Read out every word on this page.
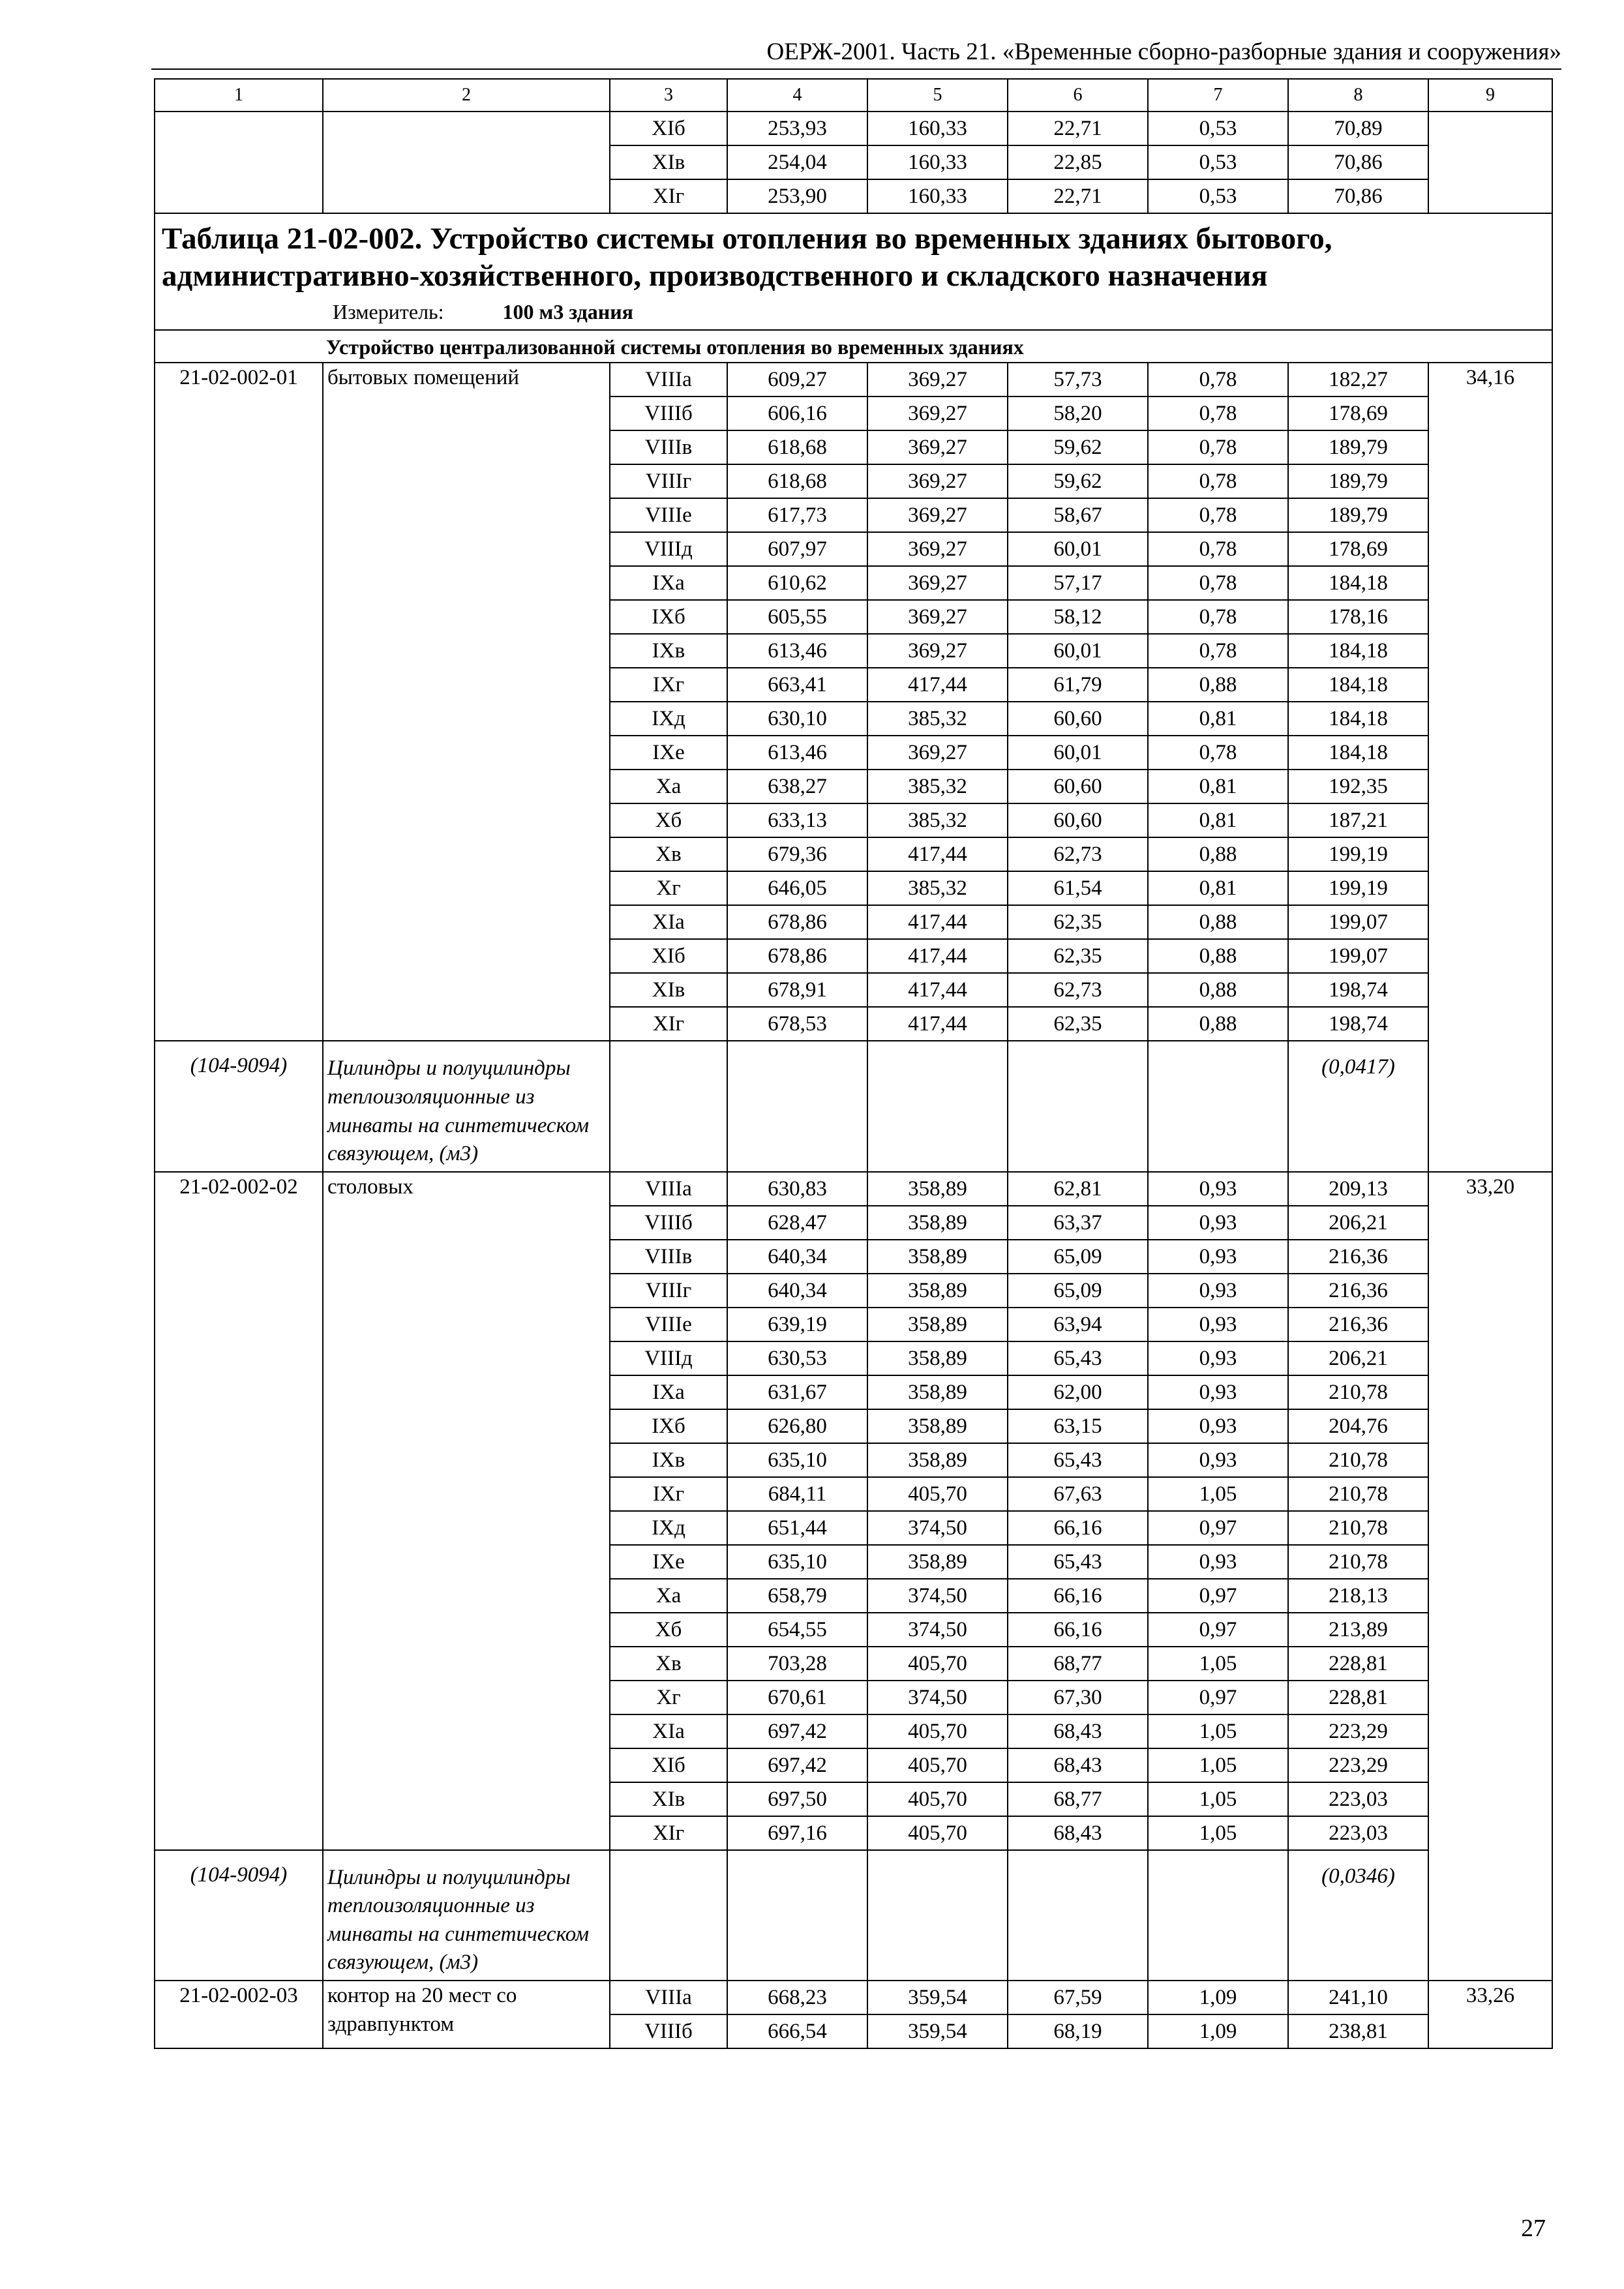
ОЕРЖ-2001. Часть 21. «Временные сборно-разборные здания и сооружения»
1	2	3	4	5	6	7	8	9
		XIб	253,93	160,33	22,71	0,53	70,89	
		XIв	254,04	160,33	22,85	0,53	70,86	
		XIг	253,90	160,33	22,71	0,53	70,86	

Таблица 21-02-002. Устройство системы отопления во временных зданиях бытового, административно-хозяйственного, производственного и складского назначения
Измеритель: 100 м3 здания								

Устройство централизованной системы отопления во временных зданиях								
21-02-002-01	бытовых помещений	VIIIа	609,27	369,27	57,73	0,78	182,27	34,16
		VIIIб	606,16	369,27	58,20	0,78	178,69	
		VIIIв	618,68	369,27	59,62	0,78	189,79	
		VIIIг	618,68	369,27	59,62	0,78	189,79	
		VIIIе	617,73	369,27	58,67	0,78	189,79	
		VIIIд	607,97	369,27	60,01	0,78	178,69	
		IXа	610,62	369,27	57,17	0,78	184,18	
		IXб	605,55	369,27	58,12	0,78	178,16	
		IXв	613,46	369,27	60,01	0,78	184,18	
		IXг	663,41	417,44	61,79	0,88	184,18	
		IXд	630,10	385,32	60,60	0,81	184,18	
		IXе	613,46	369,27	60,01	0,78	184,18	
		Xа	638,27	385,32	60,60	0,81	192,35	
		Xб	633,13	385,32	60,60	0,81	187,21	
		Xв	679,36	417,44	62,73	0,88	199,19	
		Xг	646,05	385,32	61,54	0,81	199,19	
		XIа	678,86	417,44	62,35	0,88	199,07	
		XIб	678,86	417,44	62,35	0,88	199,07	
		XIв	678,91	417,44	62,73	0,88	198,74	
		XIг	678,53	417,44	62,35	0,88	198,74	
(104-9094)	Цилиндры и полуцилиндры теплоизоляционные из минваты на синтетическом связующем, (м3)						(0,0417)	
21-02-002-02	столовых	VIIIа	630,83	358,89	62,81	0,93	209,13	33,20
		VIIIб	628,47	358,89	63,37	0,93	206,21	
		VIIIв	640,34	358,89	65,09	0,93	216,36	
		VIIIг	640,34	358,89	65,09	0,93	216,36	
		VIIIе	639,19	358,89	63,94	0,93	216,36	
		VIIIд	630,53	358,89	65,43	0,93	206,21	
		IXа	631,67	358,89	62,00	0,93	210,78	
		IXб	626,80	358,89	63,15	0,93	204,76	
		IXв	635,10	358,89	65,43	0,93	210,78	
		IXг	684,11	405,70	67,63	1,05	210,78	
		IXд	651,44	374,50	66,16	0,97	210,78	
		IXе	635,10	358,89	65,43	0,93	210,78	
		Xа	658,79	374,50	66,16	0,97	218,13	
		Xб	654,55	374,50	66,16	0,97	213,89	
		Xв	703,28	405,70	68,77	1,05	228,81	
		Xг	670,61	374,50	67,30	0,97	228,81	
		XIа	697,42	405,70	68,43	1,05	223,29	
		XIб	697,42	405,70	68,43	1,05	223,29	
		XIв	697,50	405,70	68,77	1,05	223,03	
		XIг	697,16	405,70	68,43	1,05	223,03	
(104-9094)	Цилиндры и полуцилиндры теплоизоляционные из минваты на синтетическом связующем, (м3)						(0,0346)	
21-02-002-03	контор на 20 мест со здравпунктом	VIIIа	668,23	359,54	67,59	1,09	241,10	33,26
		VIIIб	666,54	359,54	68,19	1,09	238,81	
27
